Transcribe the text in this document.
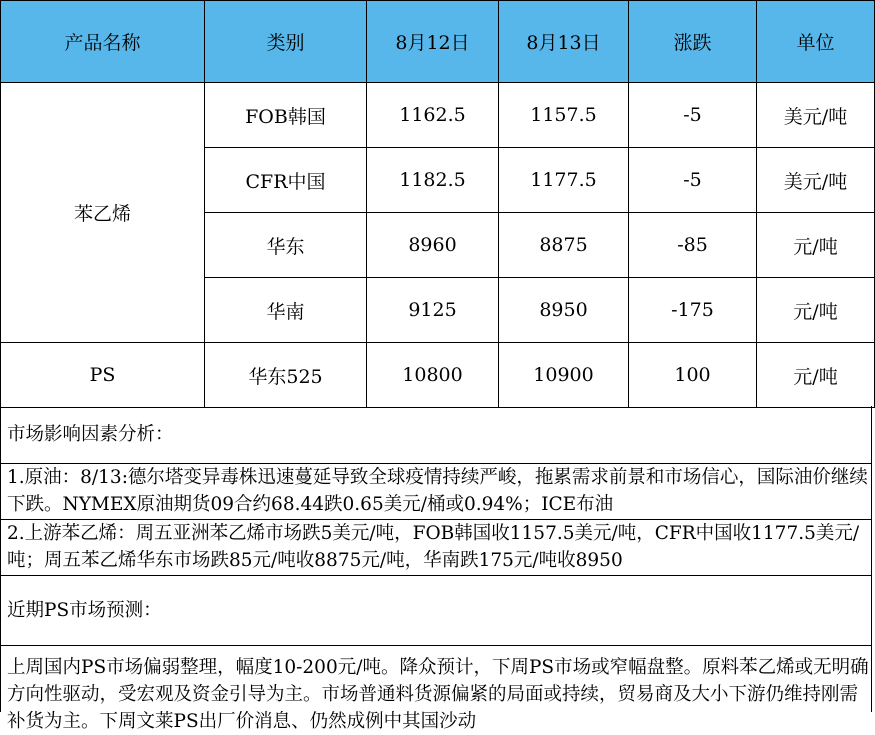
产品名称	类别	8月12日	8月13日	涨跌	单位
苯乙烯	FOB韩国	1162.5	1157.5	-5	美元/吨
	CFR中国	1182.5	1177.5	-5	美元/吨
	华东	8960	8875	-85	元/吨
	华南	9125	8950	-175	元/吨
PS	华东525	10800	10900	100	元/吨
市场影响因素分析：
1.原油：8/13:德尔塔变异毒株迅速蔓延导致全球疫情持续严峻，拖累需求前景和市场信心，国际油价继续下跌。NYMEX原油期货09合约68.44跌0.65美元/桶或0.94%；ICE布油
2.上游苯乙烯：周五亚洲苯乙烯市场跌5美元/吨，FOB韩国收1157.5美元/吨，CFR中国收1177.5美元/吨；周五苯乙烯华东市场跌85元/吨收8875元/吨，华南跌175元/吨收8950
近期PS市场预测：
上周国内PS市场偏弱整理，幅度10-200元/吨。降众预计，下周PS市场或窄幅盘整。原料苯乙烯或无明确方向性驱动，受宏观及资金引导为主。市场普通料货源偏紧的局面或持续，贸易商及大小下游仍维持刚需补货为主。下周文莱PS出厂价消息、仍然成例中其国沙动
